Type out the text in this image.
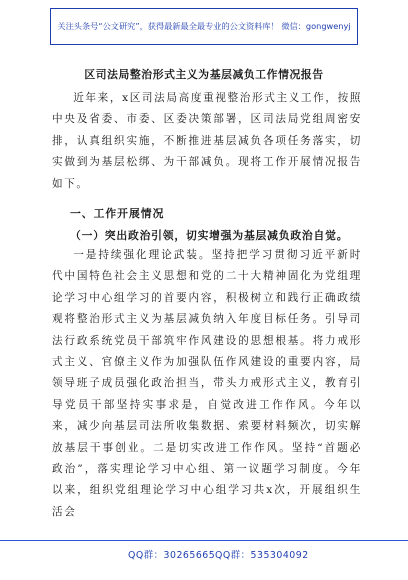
关注头条号“公文研究”，获得最新最全最专业的公文资料库！ 微信：gongwenyj
区司法局整治形式主义为基层减负工作情况报告

近年来，x区司法局高度重视整治形式主义工作，按照中央及省委、市委、区委决策部署，区司法局党组周密安排，认真组织实施，不断推进基层减负各项任务落实，切实做到为基层松绑、为干部减负。现将工作开展情况报告如下。

一、工作开展情况
（一）突出政治引领，切实增强为基层减负政治自觉。

一是持续强化理论武装。坚持把学习贯彻习近平新时代中国特色社会主义思想和党的二十大精神固化为党组理论学习中心组学习的首要内容，积极树立和践行正确政绩观将整治形式主义为基层减负纳入年度目标任务。引导司法行政系统党员干部筑牢作风建设的思想根基。将力戒形式主义、官僚主义作为加强队伍作风建设的重要内容，局领导班子成员强化政治担当，带头力戒形式主义，教育引导党员干部坚持实事求是，自觉改进工作作风。今年以来，减少向基层司法所收集数据、索要材料频次，切实解放基层干事创业。二是切实改进工作作风。坚持“首题必政治”，落实理论学习中心组、第一议题学习制度。今年以来，组织党组理论学习中心组学习共x次，开展组织生活会

QQ群：30265665 QQ群：535304092
